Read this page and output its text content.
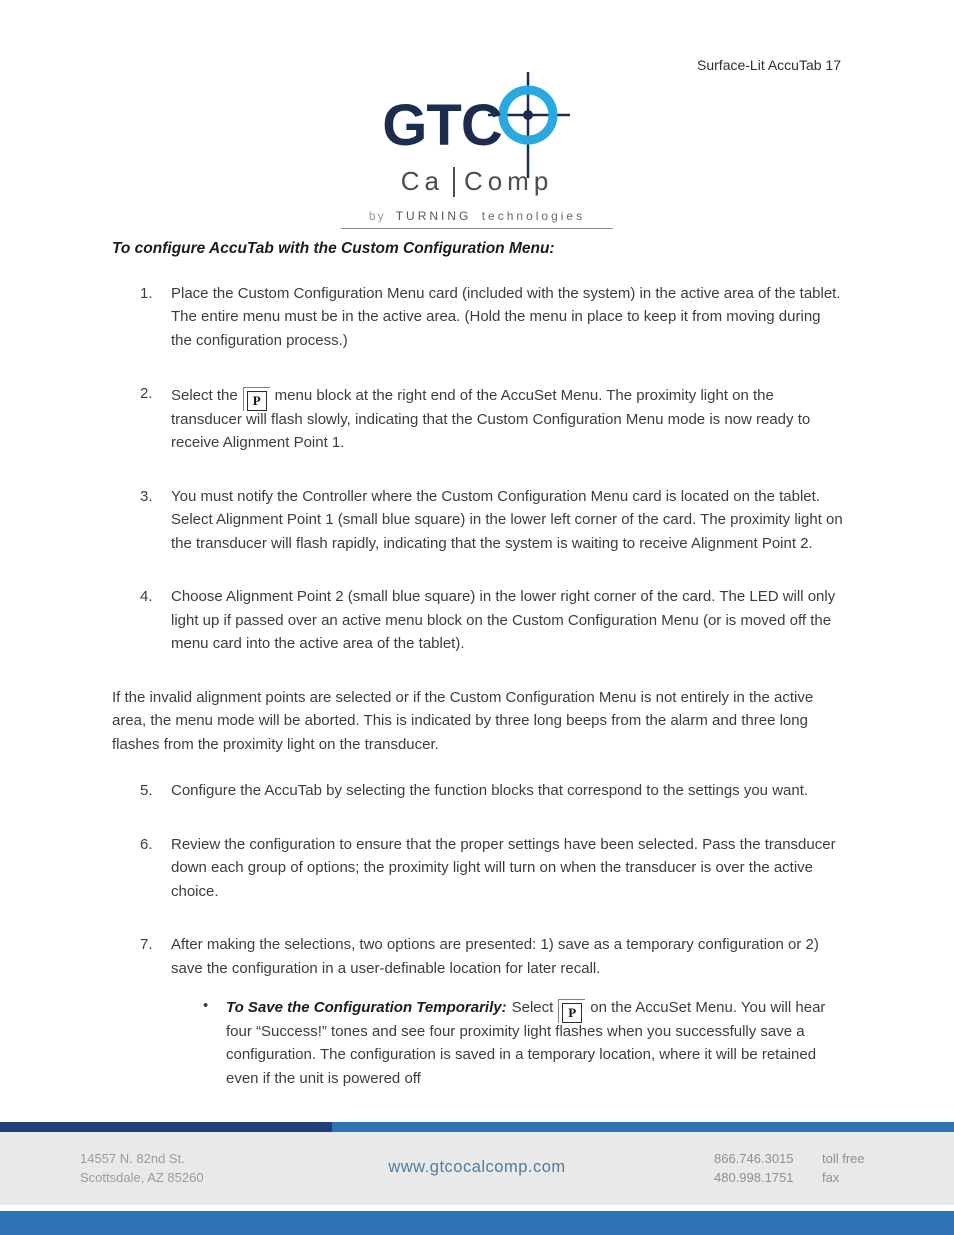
Surface-Lit AccuTab 17
GTC
Ca Comp
by TURNING technologies

To configure AccuTab with the Custom Configuration Menu:

1.	Place the Custom Configuration Menu card (included with the system) in the active area of the tablet. The entire menu must be in the active area. (Hold the menu in place to keep it from moving during the configuration process.)
2.	Select the P menu block at the right end of the AccuSet Menu. The proximity light on the transducer will flash slowly, indicating that the Custom Configuration Menu mode is now ready to receive Alignment Point 1.
3.	You must notify the Controller where the Custom Configuration Menu card is located on the tablet. Select Alignment Point 1 (small blue square) in the lower left corner of the card. The proximity light on the transducer will flash rapidly, indicating that the system is waiting to receive Alignment Point 2.
4.	Choose Alignment Point 2 (small blue square) in the lower right corner of the card. The LED will only light up if passed over an active menu block on the Custom Configuration Menu (or is moved off the menu card into the active area of the tablet).

If the invalid alignment points are selected or if the Custom Configuration Menu is not entirely in the active area, the menu mode will be aborted. This is indicated by three long beeps from the alarm and three long flashes from the proximity light on the transducer.

5.	Configure the AccuTab by selecting the function blocks that correspond to the settings you want.
6.	Review the configuration to ensure that the proper settings have been selected. Pass the transducer down each group of options; the proximity light will turn on when the transducer is over the active choice.
7.	After making the selections, two options are presented: 1) save as a temporary configuration or 2) save the configuration in a user-definable location for later recall.
•	To Save the Configuration Temporarily: Select P on the AccuSet Menu. You will hear four “Success!” tones and see four proximity light flashes when you successfully save a configuration. The configuration is saved in a temporary location, where it will be retained even if the unit is powered off
14557 N. 82nd St.
Scottsdale, AZ 85260
www.gtcocalcomp.com	866.746.3015	toll free
480.998.1751	fax
